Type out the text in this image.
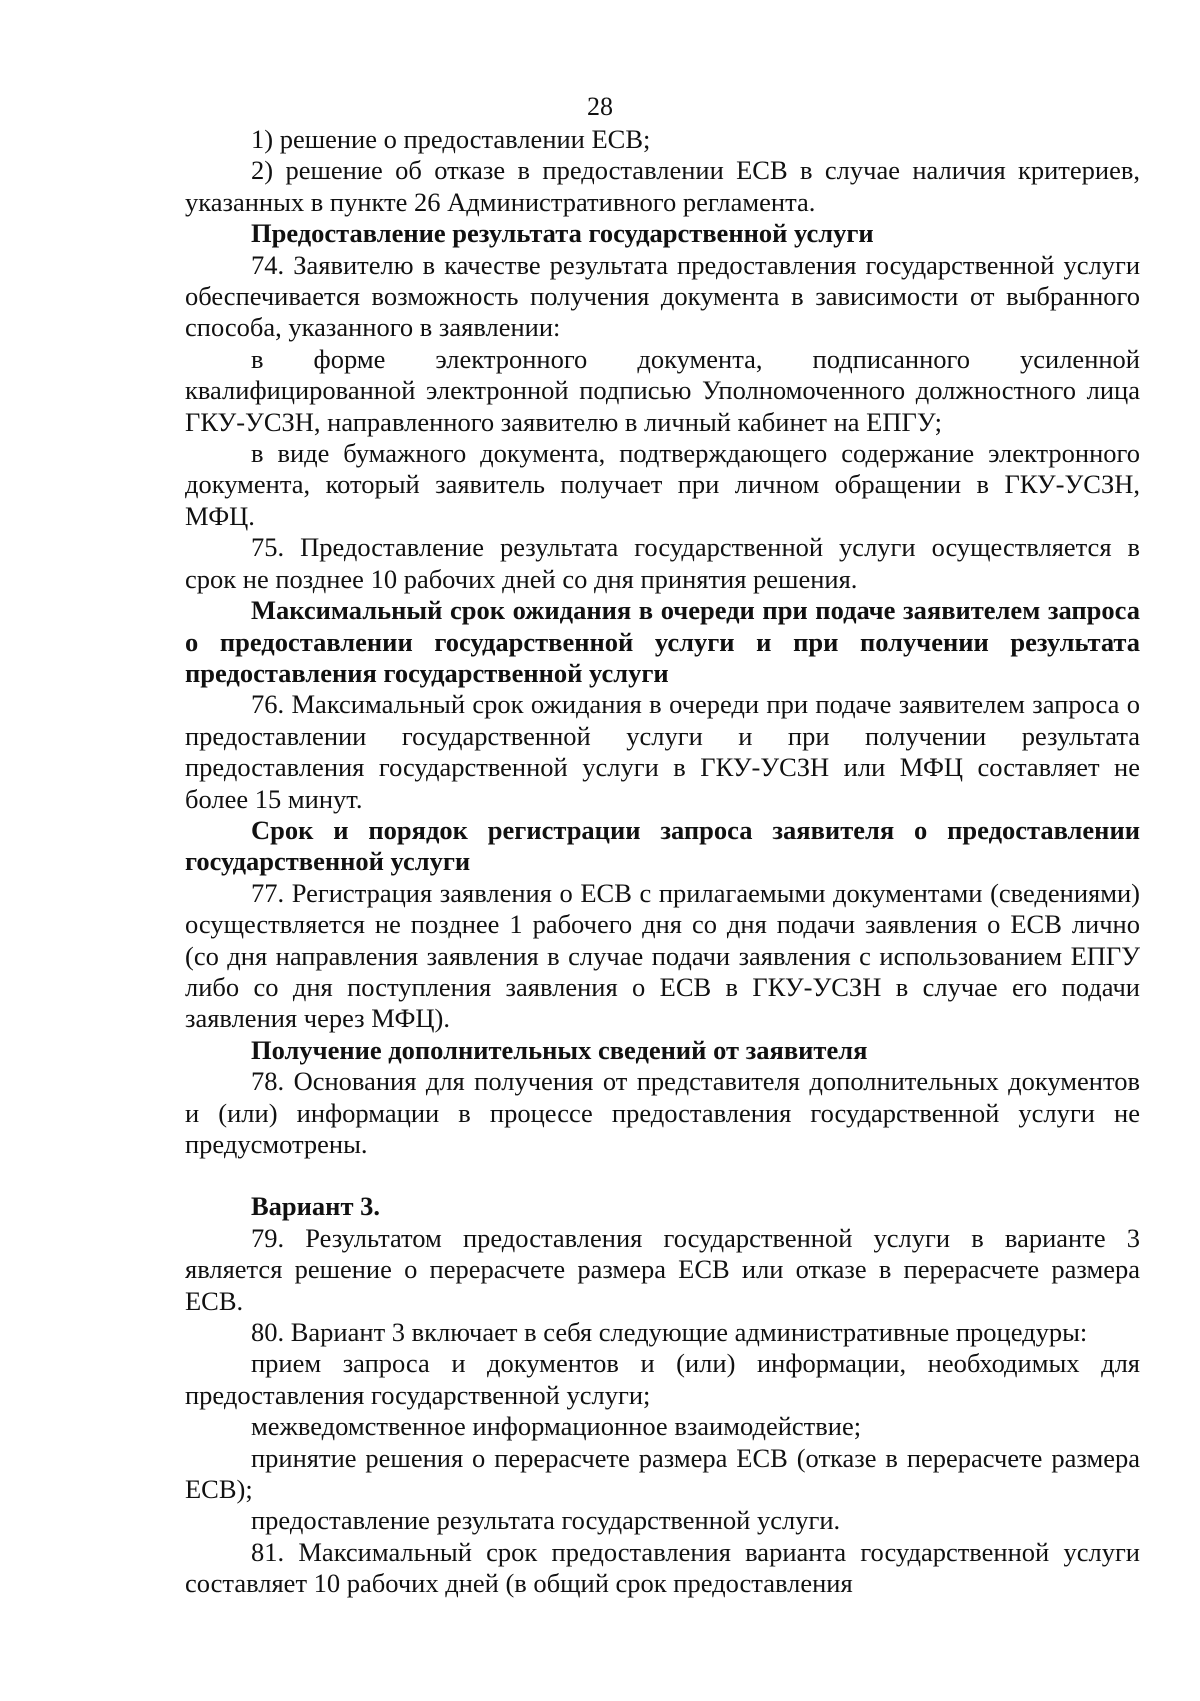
28

1) решение о предоставлении ЕСВ;

2) решение об отказе в предоставлении ЕСВ в случае наличия критериев, указанных в пункте 26 Административного регламента.

Предоставление результата государственной услуги

74. Заявителю в качестве результата предоставления государственной услуги обеспечивается возможность получения документа в зависимости от выбранного способа, указанного в заявлении:

в форме электронного документа, подписанного усиленной квалифицированной электронной подписью Уполномоченного должностного лица ГКУ-УСЗН, направленного заявителю в личный кабинет на ЕПГУ;

в виде бумажного документа, подтверждающего содержание электронного документа, который заявитель получает при личном обращении в ГКУ-УСЗН, МФЦ.

75. Предоставление результата государственной услуги осуществляется в срок не позднее 10 рабочих дней со дня принятия решения.

Максимальный срок ожидания в очереди при подаче заявителем запроса о предоставлении государственной услуги и при получении результата предоставления государственной услуги

76. Максимальный срок ожидания в очереди при подаче заявителем запроса о предоставлении государственной услуги и при получении результата предоставления государственной услуги в ГКУ-УСЗН или МФЦ составляет не более 15 минут.

Срок и порядок регистрации запроса заявителя о предоставлении государственной услуги

77. Регистрация заявления о ЕСВ с прилагаемыми документами (сведениями) осуществляется не позднее 1 рабочего дня со дня подачи заявления о ЕСВ лично (со дня направления заявления в случае подачи заявления с использованием ЕПГУ либо со дня поступления заявления о ЕСВ в ГКУ-УСЗН в случае его подачи заявления через МФЦ).

Получение дополнительных сведений от заявителя

78. Основания для получения от представителя дополнительных документов и (или) информации в процессе предоставления государственной услуги не предусмотрены.

Вариант 3.

79. Результатом предоставления государственной услуги в варианте 3 является решение о перерасчете размера ЕСВ или отказе в перерасчете размера ЕСВ.

80. Вариант 3 включает в себя следующие административные процедуры:

прием запроса и документов и (или) информации, необходимых для предоставления государственной услуги;

межведомственное информационное взаимодействие;

принятие решения о перерасчете размера ЕСВ (отказе в перерасчете размера ЕСВ);

предоставление результата государственной услуги.

81. Максимальный срок предоставления варианта государственной услуги составляет 10 рабочих дней (в общий срок предоставления
